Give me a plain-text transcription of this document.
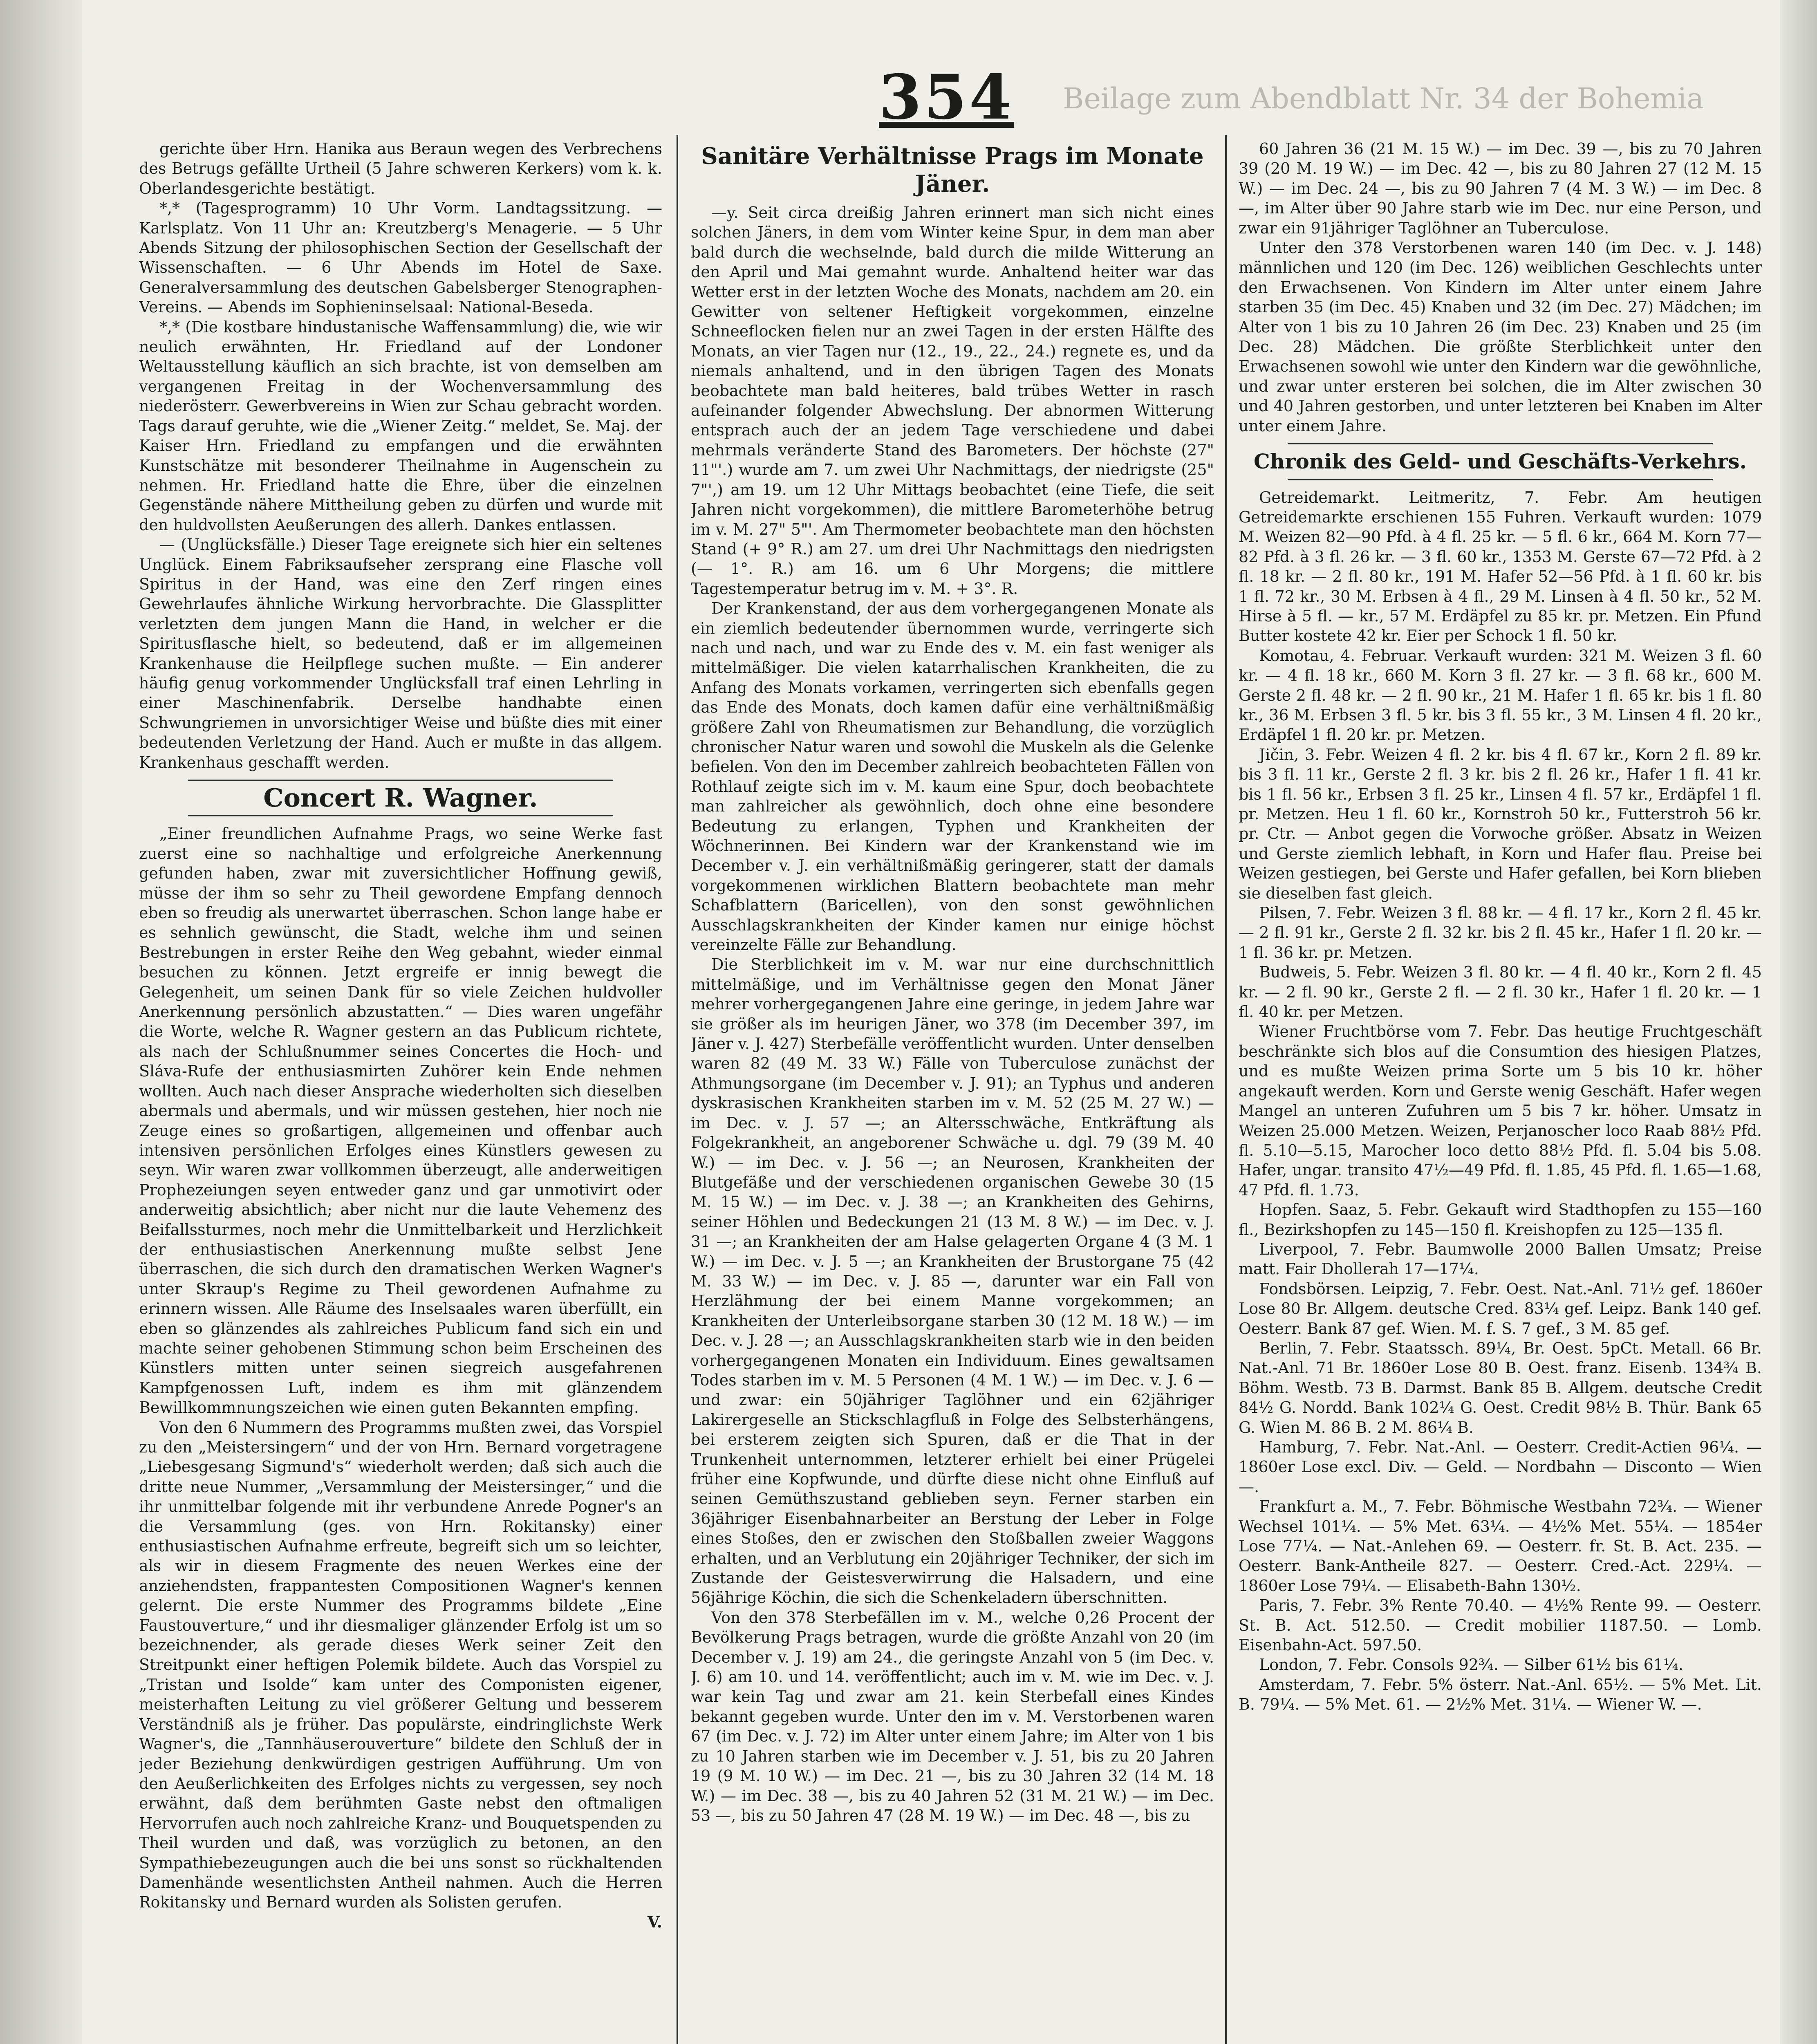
Beilage zum Abendblatt Nr. 34 der Bohemia
354

gerichte über Hrn. Hanika aus Beraun wegen des Verbrechens des Betrugs gefällte Urtheil (5 Jahre schweren Kerkers) vom k. k. Oberlandesgerichte bestätigt.

*,* (Tagesprogramm) 10 Uhr Vorm. Landtagssitzung. — Karlsplatz. Von 11 Uhr an: Kreutzberg's Menagerie. — 5 Uhr Abends Sitzung der philosophischen Section der Gesellschaft der Wissenschaften. — 6 Uhr Abends im Hotel de Saxe. Generalversammlung des deutschen Gabelsberger Stenographen-Vereins. — Abends im Sophieninselsaal: National-Beseda.

*,* (Die kostbare hindustanische Waffensammlung) die, wie wir neulich erwähnten, Hr. Friedland auf der Londoner Weltausstellung käuflich an sich brachte, ist von demselben am vergangenen Freitag in der Wochenversammlung des niederösterr. Gewerbvereins in Wien zur Schau gebracht worden. Tags darauf geruhte, wie die „Wiener Zeitg.“ meldet, Se. Maj. der Kaiser Hrn. Friedland zu empfangen und die erwähnten Kunstschätze mit besonderer Theilnahme in Augenschein zu nehmen. Hr. Friedland hatte die Ehre, über die einzelnen Gegenstände nähere Mittheilung geben zu dürfen und wurde mit den huldvollsten Aeußerungen des allerh. Dankes entlassen.

— (Unglücksfälle.) Dieser Tage ereignete sich hier ein seltenes Unglück. Einem Fabriksaufseher zersprang eine Flasche voll Spiritus in der Hand, was eine den Zerf ringen eines Gewehrlaufes ähnliche Wirkung hervorbrachte. Die Glassplitter verletzten dem jungen Mann die Hand, in welcher er die Spiritusflasche hielt, so bedeutend, daß er im allgemeinen Krankenhause die Heilpflege suchen mußte. — Ein anderer häufig genug vorkommender Unglücksfall traf einen Lehrling in einer Maschinenfabrik. Derselbe handhabte einen Schwungriemen in unvorsichtiger Weise und büßte dies mit einer bedeutenden Verletzung der Hand. Auch er mußte in das allgem. Krankenhaus geschafft werden.

Concert R. Wagner.

„Einer freundlichen Aufnahme Prags, wo seine Werke fast zuerst eine so nachhaltige und erfolgreiche Anerkennung gefunden haben, zwar mit zuversichtlicher Hoffnung gewiß, müsse der ihm so sehr zu Theil gewordene Empfang dennoch eben so freudig als unerwartet überraschen. Schon lange habe er es sehnlich gewünscht, die Stadt, welche ihm und seinen Bestrebungen in erster Reihe den Weg gebahnt, wieder einmal besuchen zu können. Jetzt ergreife er innig bewegt die Gelegenheit, um seinen Dank für so viele Zeichen huldvoller Anerkennung persönlich abzustatten.“ — Dies waren ungefähr die Worte, welche R. Wagner gestern an das Publicum richtete, als nach der Schlußnummer seines Concertes die Hoch- und Sláva-Rufe der enthusiasmirten Zuhörer kein Ende nehmen wollten. Auch nach dieser Ansprache wiederholten sich dieselben abermals und abermals, und wir müssen gestehen, hier noch nie Zeuge eines so großartigen, allgemeinen und offenbar auch intensiven persönlichen Erfolges eines Künstlers gewesen zu seyn. Wir waren zwar vollkommen überzeugt, alle anderweitigen Prophezeiungen seyen entweder ganz und gar unmotivirt oder anderweitig absichtlich; aber nicht nur die laute Vehemenz des Beifallssturmes, noch mehr die Unmittelbarkeit und Herzlichkeit der enthusiastischen Anerkennung mußte selbst Jene überraschen, die sich durch den dramatischen Werken Wagner's unter Skraup's Regime zu Theil gewordenen Aufnahme zu erinnern wissen. Alle Räume des Inselsaales waren überfüllt, ein eben so glänzendes als zahlreiches Publicum fand sich ein und machte seiner gehobenen Stimmung schon beim Erscheinen des Künstlers mitten unter seinen siegreich ausgefahrenen Kampfgenossen Luft, indem es ihm mit glänzendem Bewillkommnungszeichen wie einen guten Bekannten empfing.

Von den 6 Nummern des Programms mußten zwei, das Vorspiel zu den „Meistersingern“ und der von Hrn. Bernard vorgetragene „Liebesgesang Sigmund's“ wiederholt werden; daß sich auch die dritte neue Nummer, „Versammlung der Meistersinger,“ und die ihr unmittelbar folgende mit ihr verbundene Anrede Pogner's an die Versammlung (ges. von Hrn. Rokitansky) einer enthusiastischen Aufnahme erfreute, begreift sich um so leichter, als wir in diesem Fragmente des neuen Werkes eine der anziehendsten, frappantesten Compositionen Wagner's kennen gelernt. Die erste Nummer des Programms bildete „Eine Faustouverture,“ und ihr diesmaliger glänzender Erfolg ist um so bezeichnender, als gerade dieses Werk seiner Zeit den Streitpunkt einer heftigen Polemik bildete. Auch das Vorspiel zu „Tristan und Isolde“ kam unter des Componisten eigener, meisterhaften Leitung zu viel größerer Geltung und besserem Verständniß als je früher. Das populärste, eindringlichste Werk Wagner's, die „Tannhäuserouverture“ bildete den Schluß der in jeder Beziehung denkwürdigen gestrigen Aufführung. Um von den Aeußerlichkeiten des Erfolges nichts zu vergessen, sey noch erwähnt, daß dem berühmten Gaste nebst den oftmaligen Hervorrufen auch noch zahlreiche Kranz- und Bouquetspenden zu Theil wurden und daß, was vorzüglich zu betonen, an den Sympathiebezeugungen auch die bei uns sonst so rückhaltenden Damenhände wesentlichsten Antheil nahmen. Auch die Herren Rokitansky und Bernard wurden als Solisten gerufen.

V.
Sanitäre Verhältnisse Prags im Monate Jäner.

—y. Seit circa dreißig Jahren erinnert man sich nicht eines solchen Jäners, in dem vom Winter keine Spur, in dem man aber bald durch die wechselnde, bald durch die milde Witterung an den April und Mai gemahnt wurde. Anhaltend heiter war das Wetter erst in der letzten Woche des Monats, nachdem am 20. ein Gewitter von seltener Heftigkeit vorgekommen, einzelne Schneeflocken fielen nur an zwei Tagen in der ersten Hälfte des Monats, an vier Tagen nur (12., 19., 22., 24.) regnete es, und da niemals anhaltend, und in den übrigen Tagen des Monats beobachtete man bald heiteres, bald trübes Wetter in rasch aufeinander folgender Abwechslung. Der abnormen Witterung entsprach auch der an jedem Tage verschiedene und dabei mehrmals veränderte Stand des Barometers. Der höchste (27" 11"'.) wurde am 7. um zwei Uhr Nachmittags, der niedrigste (25" 7"',) am 19. um 12 Uhr Mittags beobachtet (eine Tiefe, die seit Jahren nicht vorgekommen), die mittlere Barometerhöhe betrug im v. M. 27" 5"'. Am Thermometer beobachtete man den höchsten Stand (+ 9° R.) am 27. um drei Uhr Nachmittags den niedrigsten (— 1°. R.) am 16. um 6 Uhr Morgens; die mittlere Tagestemperatur betrug im v. M. + 3°. R.

Der Krankenstand, der aus dem vorhergegangenen Monate als ein ziemlich bedeutender übernommen wurde, verringerte sich nach und nach, und war zu Ende des v. M. ein fast weniger als mittelmäßiger. Die vielen katarrhalischen Krankheiten, die zu Anfang des Monats vorkamen, verringerten sich ebenfalls gegen das Ende des Monats, doch kamen dafür eine verhältnißmäßig größere Zahl von Rheumatismen zur Behandlung, die vorzüglich chronischer Natur waren und sowohl die Muskeln als die Gelenke befielen. Von den im December zahlreich beobachteten Fällen von Rothlauf zeigte sich im v. M. kaum eine Spur, doch beobachtete man zahlreicher als gewöhnlich, doch ohne eine besondere Bedeutung zu erlangen, Typhen und Krankheiten der Wöchnerinnen. Bei Kindern war der Krankenstand wie im December v. J. ein verhältnißmäßig geringerer, statt der damals vorgekommenen wirklichen Blattern beobachtete man mehr Schafblattern (Baricellen), von den sonst gewöhnlichen Ausschlagskrankheiten der Kinder kamen nur einige höchst vereinzelte Fälle zur Behandlung.

Die Sterblichkeit im v. M. war nur eine durchschnittlich mittelmäßige, und im Verhältnisse gegen den Monat Jäner mehrer vorhergegangenen Jahre eine geringe, in jedem Jahre war sie größer als im heurigen Jäner, wo 378 (im December 397, im Jäner v. J. 427) Sterbefälle veröffentlicht wurden. Unter denselben waren 82 (49 M. 33 W.) Fälle von Tuberculose zunächst der Athmungsorgane (im December v. J. 91); an Typhus und anderen dyskrasischen Krankheiten starben im v. M. 52 (25 M. 27 W.) — im Dec. v. J. 57 —; an Altersschwäche, Entkräftung als Folgekrankheit, an angeborener Schwäche u. dgl. 79 (39 M. 40 W.) — im Dec. v. J. 56 —; an Neurosen, Krankheiten der Blutgefäße und der verschiedenen organischen Gewebe 30 (15 M. 15 W.) — im Dec. v. J. 38 —; an Krankheiten des Gehirns, seiner Höhlen und Bedeckungen 21 (13 M. 8 W.) — im Dec. v. J. 31 —; an Krankheiten der am Halse gelagerten Organe 4 (3 M. 1 W.) — im Dec. v. J. 5 —; an Krankheiten der Brustorgane 75 (42 M. 33 W.) — im Dec. v. J. 85 —, darunter war ein Fall von Herzlähmung der bei einem Manne vorgekommen; an Krankheiten der Unterleibsorgane starben 30 (12 M. 18 W.) — im Dec. v. J. 28 —; an Ausschlagskrankheiten starb wie in den beiden vorhergegangenen Monaten ein Individuum. Eines gewaltsamen Todes starben im v. M. 5 Personen (4 M. 1 W.) — im Dec. v. J. 6 — und zwar: ein 50jähriger Taglöhner und ein 62jähriger Lakirergeselle an Stickschlagfluß in Folge des Selbsterhängens, bei ersterem zeigten sich Spuren, daß er die That in der Trunkenheit unternommen, letzterer erhielt bei einer Prügelei früher eine Kopfwunde, und dürfte diese nicht ohne Einfluß auf seinen Gemüthszustand geblieben seyn. Ferner starben ein 36jähriger Eisenbahnarbeiter an Berstung der Leber in Folge eines Stoßes, den er zwischen den Stoßballen zweier Waggons erhalten, und an Verblutung ein 20jähriger Techniker, der sich im Zustande der Geistesverwirrung die Halsadern, und eine 56jährige Köchin, die sich die Schenkeladern überschnitten.

Von den 378 Sterbefällen im v. M., welche 0,26 Procent der Bevölkerung Prags betragen, wurde die größte Anzahl von 20 (im December v. J. 19) am 24., die geringste Anzahl von 5 (im Dec. v. J. 6) am 10. und 14. veröffentlicht; auch im v. M. wie im Dec. v. J. war kein Tag und zwar am 21. kein Sterbefall eines Kindes bekannt gegeben wurde. Unter den im v. M. Verstorbenen waren 67 (im Dec. v. J. 72) im Alter unter einem Jahre; im Alter von 1 bis zu 10 Jahren starben wie im December v. J. 51, bis zu 20 Jahren 19 (9 M. 10 W.) — im Dec. 21 —, bis zu 30 Jahren 32 (14 M. 18 W.) — im Dec. 38 —, bis zu 40 Jahren 52 (31 M. 21 W.) — im Dec. 53 —, bis zu 50 Jahren 47 (28 M. 19 W.) — im Dec. 48 —, bis zu

60 Jahren 36 (21 M. 15 W.) — im Dec. 39 —, bis zu 70 Jahren 39 (20 M. 19 W.) — im Dec. 42 —, bis zu 80 Jahren 27 (12 M. 15 W.) — im Dec. 24 —, bis zu 90 Jahren 7 (4 M. 3 W.) — im Dec. 8 —, im Alter über 90 Jahre starb wie im Dec. nur eine Person, und zwar ein 91jähriger Taglöhner an Tuberculose.

Unter den 378 Verstorbenen waren 140 (im Dec. v. J. 148) männlichen und 120 (im Dec. 126) weiblichen Geschlechts unter den Erwachsenen. Von Kindern im Alter unter einem Jahre starben 35 (im Dec. 45) Knaben und 32 (im Dec. 27) Mädchen; im Alter von 1 bis zu 10 Jahren 26 (im Dec. 23) Knaben und 25 (im Dec. 28) Mädchen. Die größte Sterblichkeit unter den Erwachsenen sowohl wie unter den Kindern war die gewöhnliche, und zwar unter ersteren bei solchen, die im Alter zwischen 30 und 40 Jahren gestorben, und unter letzteren bei Knaben im Alter unter einem Jahre.

Chronik des Geld- und Geschäfts-Verkehrs.

Getreidemarkt. Leitmeritz, 7. Febr. Am heutigen Getreidemarkte erschienen 155 Fuhren. Verkauft wurden: 1079 M. Weizen 82—90 Pfd. à 4 fl. 25 kr. — 5 fl. 6 kr., 664 M. Korn 77—82 Pfd. à 3 fl. 26 kr. — 3 fl. 60 kr., 1353 M. Gerste 67—72 Pfd. à 2 fl. 18 kr. — 2 fl. 80 kr., 191 M. Hafer 52—56 Pfd. à 1 fl. 60 kr. bis 1 fl. 72 kr., 30 M. Erbsen à 4 fl., 29 M. Linsen à 4 fl. 50 kr., 52 M. Hirse à 5 fl. — kr., 57 M. Erdäpfel zu 85 kr. pr. Metzen. Ein Pfund Butter kostete 42 kr. Eier per Schock 1 fl. 50 kr.

Komotau, 4. Februar. Verkauft wurden: 321 M. Weizen 3 fl. 60 kr. — 4 fl. 18 kr., 660 M. Korn 3 fl. 27 kr. — 3 fl. 68 kr., 600 M. Gerste 2 fl. 48 kr. — 2 fl. 90 kr., 21 M. Hafer 1 fl. 65 kr. bis 1 fl. 80 kr., 36 M. Erbsen 3 fl. 5 kr. bis 3 fl. 55 kr., 3 M. Linsen 4 fl. 20 kr., Erdäpfel 1 fl. 20 kr. pr. Metzen.

Jičin, 3. Febr. Weizen 4 fl. 2 kr. bis 4 fl. 67 kr., Korn 2 fl. 89 kr. bis 3 fl. 11 kr., Gerste 2 fl. 3 kr. bis 2 fl. 26 kr., Hafer 1 fl. 41 kr. bis 1 fl. 56 kr., Erbsen 3 fl. 25 kr., Linsen 4 fl. 57 kr., Erdäpfel 1 fl. pr. Metzen. Heu 1 fl. 60 kr., Kornstroh 50 kr., Futterstroh 56 kr. pr. Ctr. — Anbot gegen die Vorwoche größer. Absatz in Weizen und Gerste ziemlich lebhaft, in Korn und Hafer flau. Preise bei Weizen gestiegen, bei Gerste und Hafer gefallen, bei Korn blieben sie dieselben fast gleich.

Pilsen, 7. Febr. Weizen 3 fl. 88 kr. — 4 fl. 17 kr., Korn 2 fl. 45 kr. — 2 fl. 91 kr., Gerste 2 fl. 32 kr. bis 2 fl. 45 kr., Hafer 1 fl. 20 kr. — 1 fl. 36 kr. pr. Metzen.

Budweis, 5. Febr. Weizen 3 fl. 80 kr. — 4 fl. 40 kr., Korn 2 fl. 45 kr. — 2 fl. 90 kr., Gerste 2 fl. — 2 fl. 30 kr., Hafer 1 fl. 20 kr. — 1 fl. 40 kr. per Metzen.

Wiener Fruchtbörse vom 7. Febr. Das heutige Fruchtgeschäft beschränkte sich blos auf die Consumtion des hiesigen Platzes, und es mußte Weizen prima Sorte um 5 bis 10 kr. höher angekauft werden. Korn und Gerste wenig Geschäft. Hafer wegen Mangel an unteren Zufuhren um 5 bis 7 kr. höher. Umsatz in Weizen 25.000 Metzen. Weizen, Perjanoscher loco Raab 88½ Pfd. fl. 5.10—5.15, Marocher loco detto 88½ Pfd. fl. 5.04 bis 5.08. Hafer, ungar. transito 47½—49 Pfd. fl. 1.85, 45 Pfd. fl. 1.65—1.68, 47 Pfd. fl. 1.73.

Hopfen. Saaz, 5. Febr. Gekauft wird Stadthopfen zu 155—160 fl., Bezirkshopfen zu 145—150 fl. Kreishopfen zu 125—135 fl.

Liverpool, 7. Febr. Baumwolle 2000 Ballen Umsatz; Preise matt. Fair Dhollerah 17—17¼.

Fondsbörsen. Leipzig, 7. Febr. Oest. Nat.-Anl. 71½ gef. 1860er Lose 80 Br. Allgem. deutsche Cred. 83¼ gef. Leipz. Bank 140 gef. Oesterr. Bank 87 gef. Wien. M. f. S. 7 gef., 3 M. 85 gef.

Berlin, 7. Febr. Staatssch. 89¼, Br. Oest. 5pCt. Metall. 66 Br. Nat.-Anl. 71 Br. 1860er Lose 80 B. Oest. franz. Eisenb. 134¾ B. Böhm. Westb. 73 B. Darmst. Bank 85 B. Allgem. deutsche Credit 84½ G. Nordd. Bank 102¼ G. Oest. Credit 98½ B. Thür. Bank 65 G. Wien M. 86 B. 2 M. 86¼ B.

Hamburg, 7. Febr. Nat.-Anl. — Oesterr. Credit-Actien 96¼. — 1860er Lose excl. Div. — Geld. — Nordbahn — Disconto — Wien —.

Frankfurt a. M., 7. Febr. Böhmische Westbahn 72¾. — Wiener Wechsel 101¼. — 5% Met. 63¼. — 4½% Met. 55¼. — 1854er Lose 77¼. — Nat.-Anlehen 69. — Oesterr. fr. St. B. Act. 235. — Oesterr. Bank-Antheile 827. — Oesterr. Cred.-Act. 229¼. — 1860er Lose 79¼. — Elisabeth-Bahn 130½.

Paris, 7. Febr. 3% Rente 70.40. — 4½% Rente 99. — Oesterr. St. B. Act. 512.50. — Credit mobilier 1187.50. — Lomb. Eisenbahn-Act. 597.50.

London, 7. Febr. Consols 92¾. — Silber 61½ bis 61¼.

Amsterdam, 7. Febr. 5% österr. Nat.-Anl. 65½. — 5% Met. Lit. B. 79¼. — 5% Met. 61. — 2½% Met. 31¼. — Wiener W. —.
